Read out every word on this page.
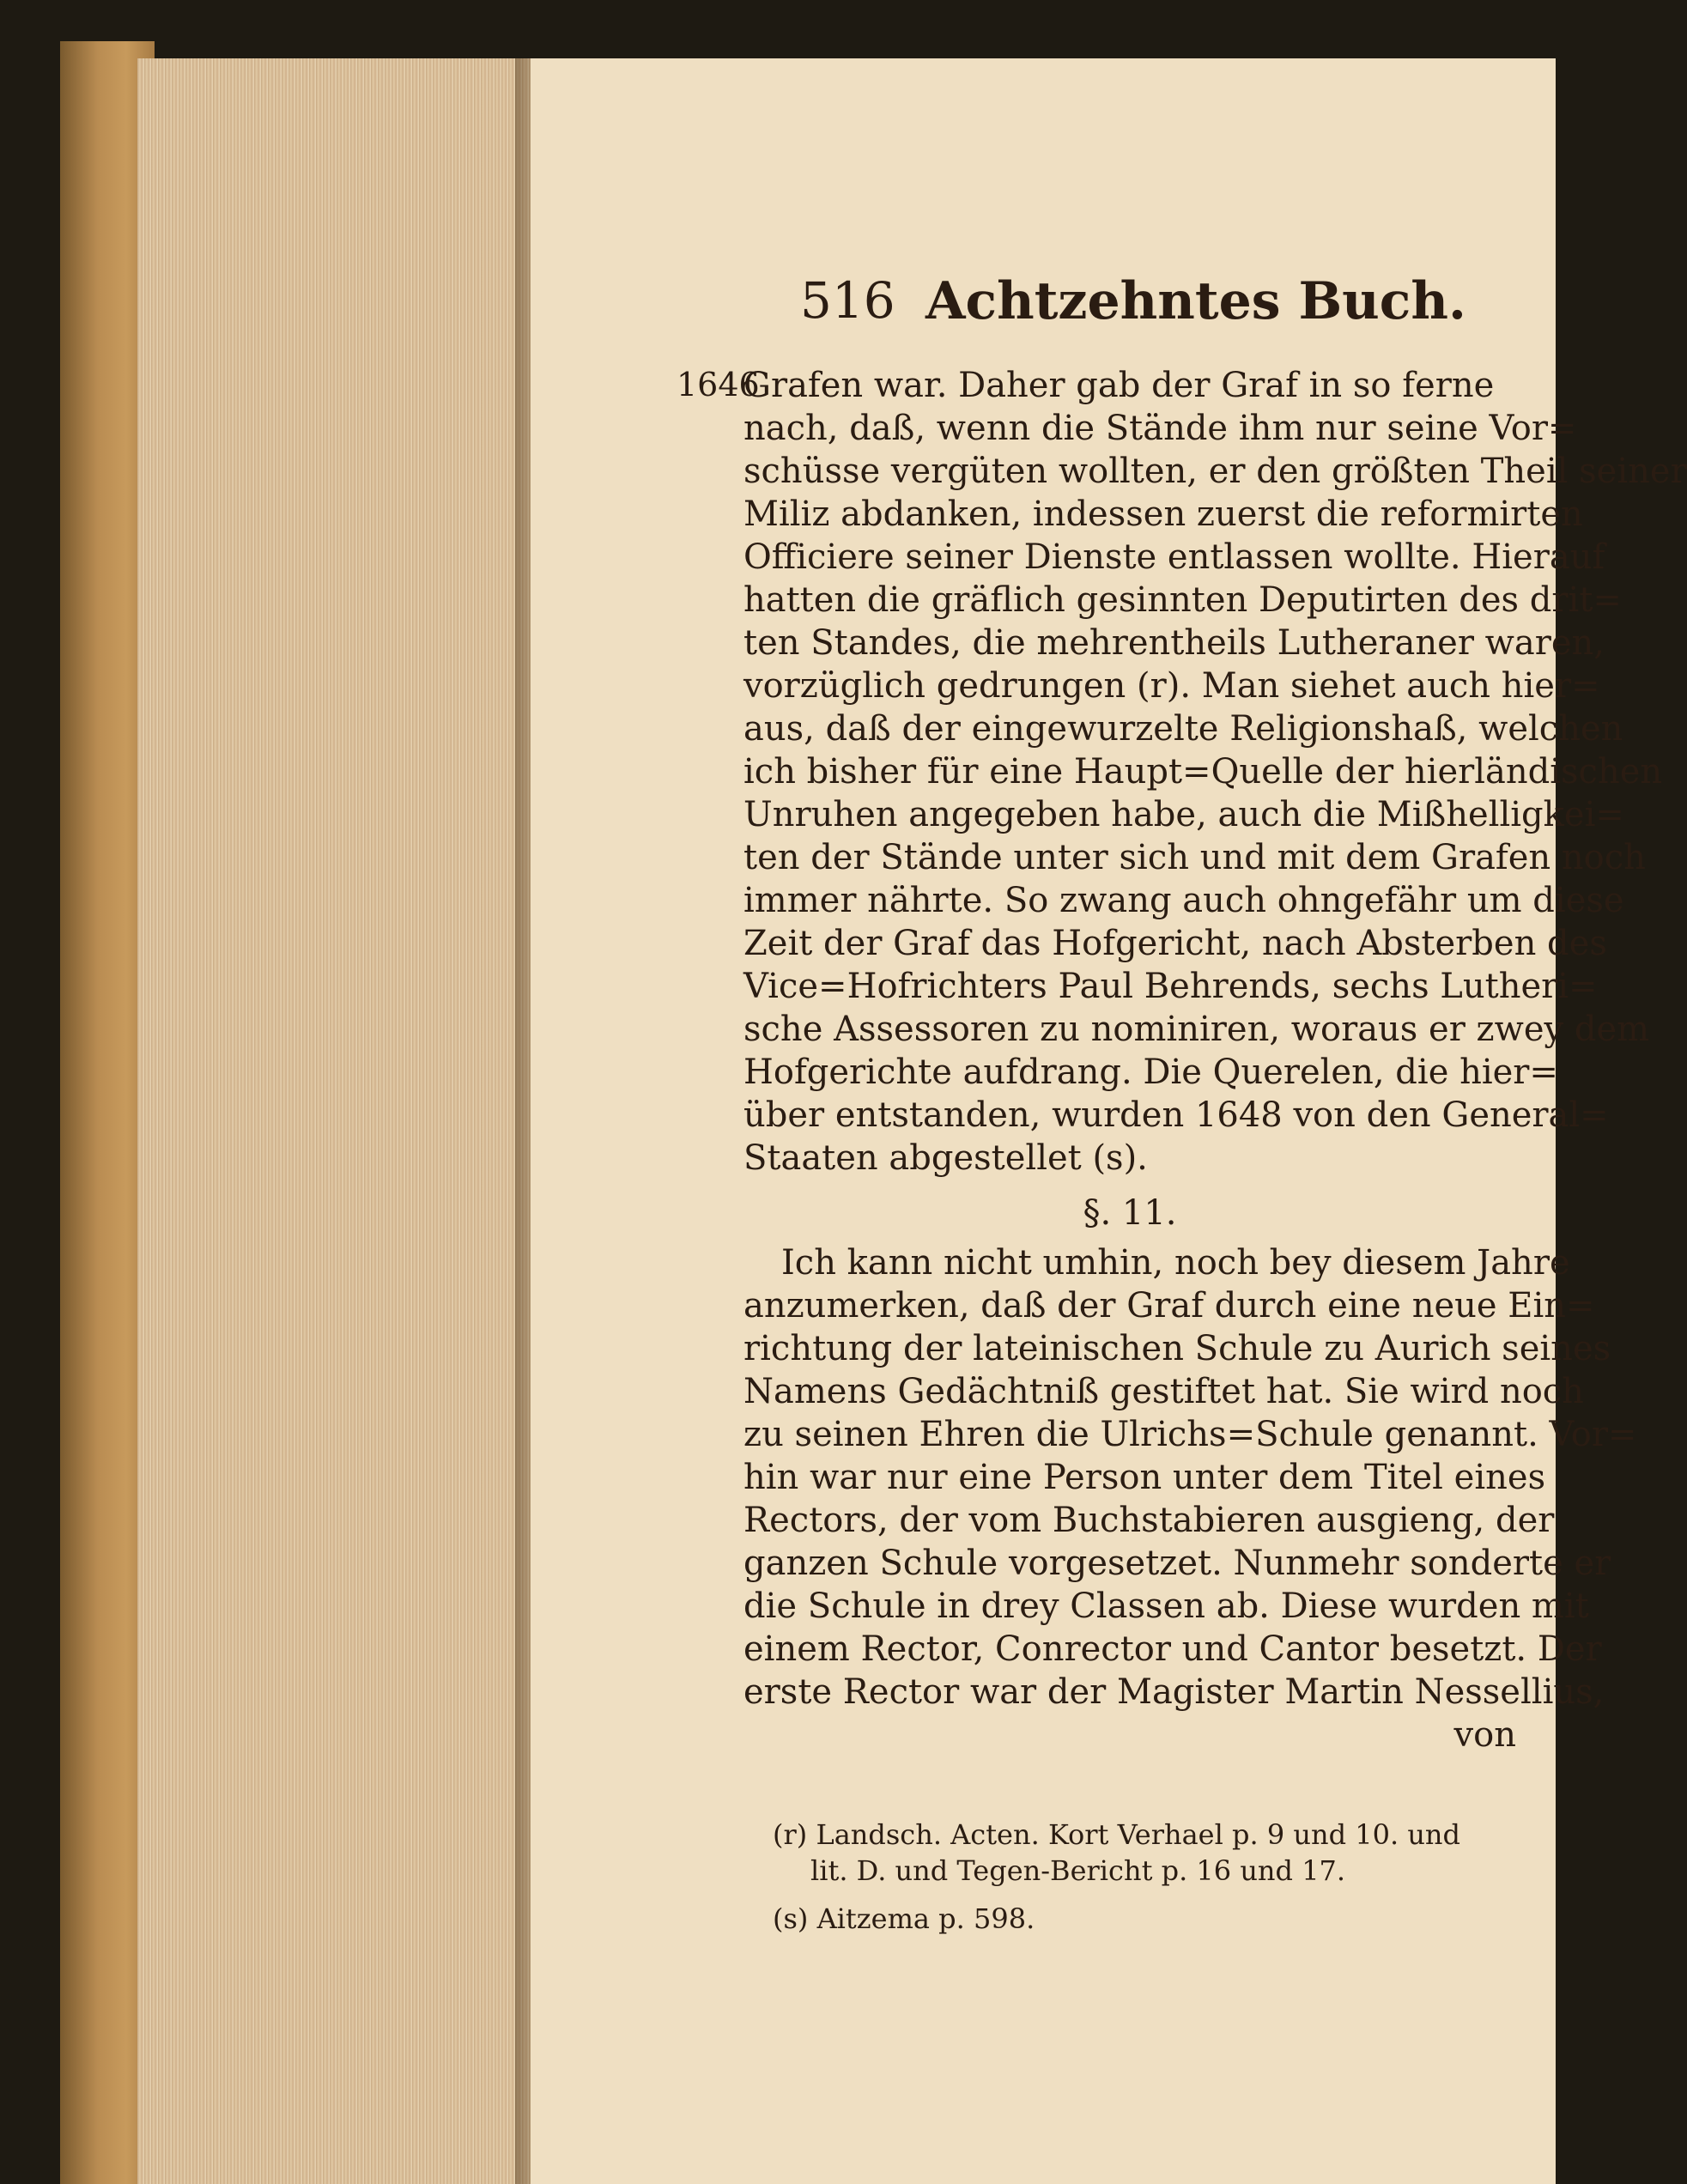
516 Achtzehntes Buch.
1646
Grafen war. Daher gab der Graf in so ferne
nach, daß, wenn die Stände ihm nur seine Vor=
schüsse vergüten wollten, er den größten Theil seiner
Miliz abdanken, indessen zuerst die reformirten
Officiere seiner Dienste entlassen wollte. Hierauf
hatten die gräflich gesinnten Deputirten des drit=
ten Standes, die mehrentheils Lutheraner waren,
vorzüglich gedrungen (r). Man siehet auch hier=
aus, daß der eingewurzelte Religionshaß, welchen
ich bisher für eine Haupt=Quelle der hierländischen
Unruhen angegeben habe, auch die Mißhelligkei=
ten der Stände unter sich und mit dem Grafen noch
immer nährte. So zwang auch ohngefähr um diese
Zeit der Graf das Hofgericht, nach Absterben des
Vice=Hofrichters Paul Behrends, sechs Lutheri=
sche Assessoren zu nominiren, woraus er zwey dem
Hofgerichte aufdrang. Die Querelen, die hier=
über entstanden, wurden 1648 von den General=
Staaten abgestellet (s).
§. 11.
Ich kann nicht umhin, noch bey diesem Jahre
anzumerken, daß der Graf durch eine neue Ein=
richtung der lateinischen Schule zu Aurich seines
Namens Gedächtniß gestiftet hat. Sie wird noch
zu seinen Ehren die Ulrichs=Schule genannt. Vor=
hin war nur eine Person unter dem Titel eines
Rectors, der vom Buchstabieren ausgieng, der
ganzen Schule vorgesetzet. Nunmehr sonderte er
die Schule in drey Classen ab. Diese wurden mit
einem Rector, Conrector und Cantor besetzt. Der
erste Rector war der Magister Martin Nessellius,
von
(r) Landsch. Acten. Kort Verhael p. 9 und 10. und
lit. D. und Tegen-Bericht p. 16 und 17.
(s) Aitzema p. 598.
